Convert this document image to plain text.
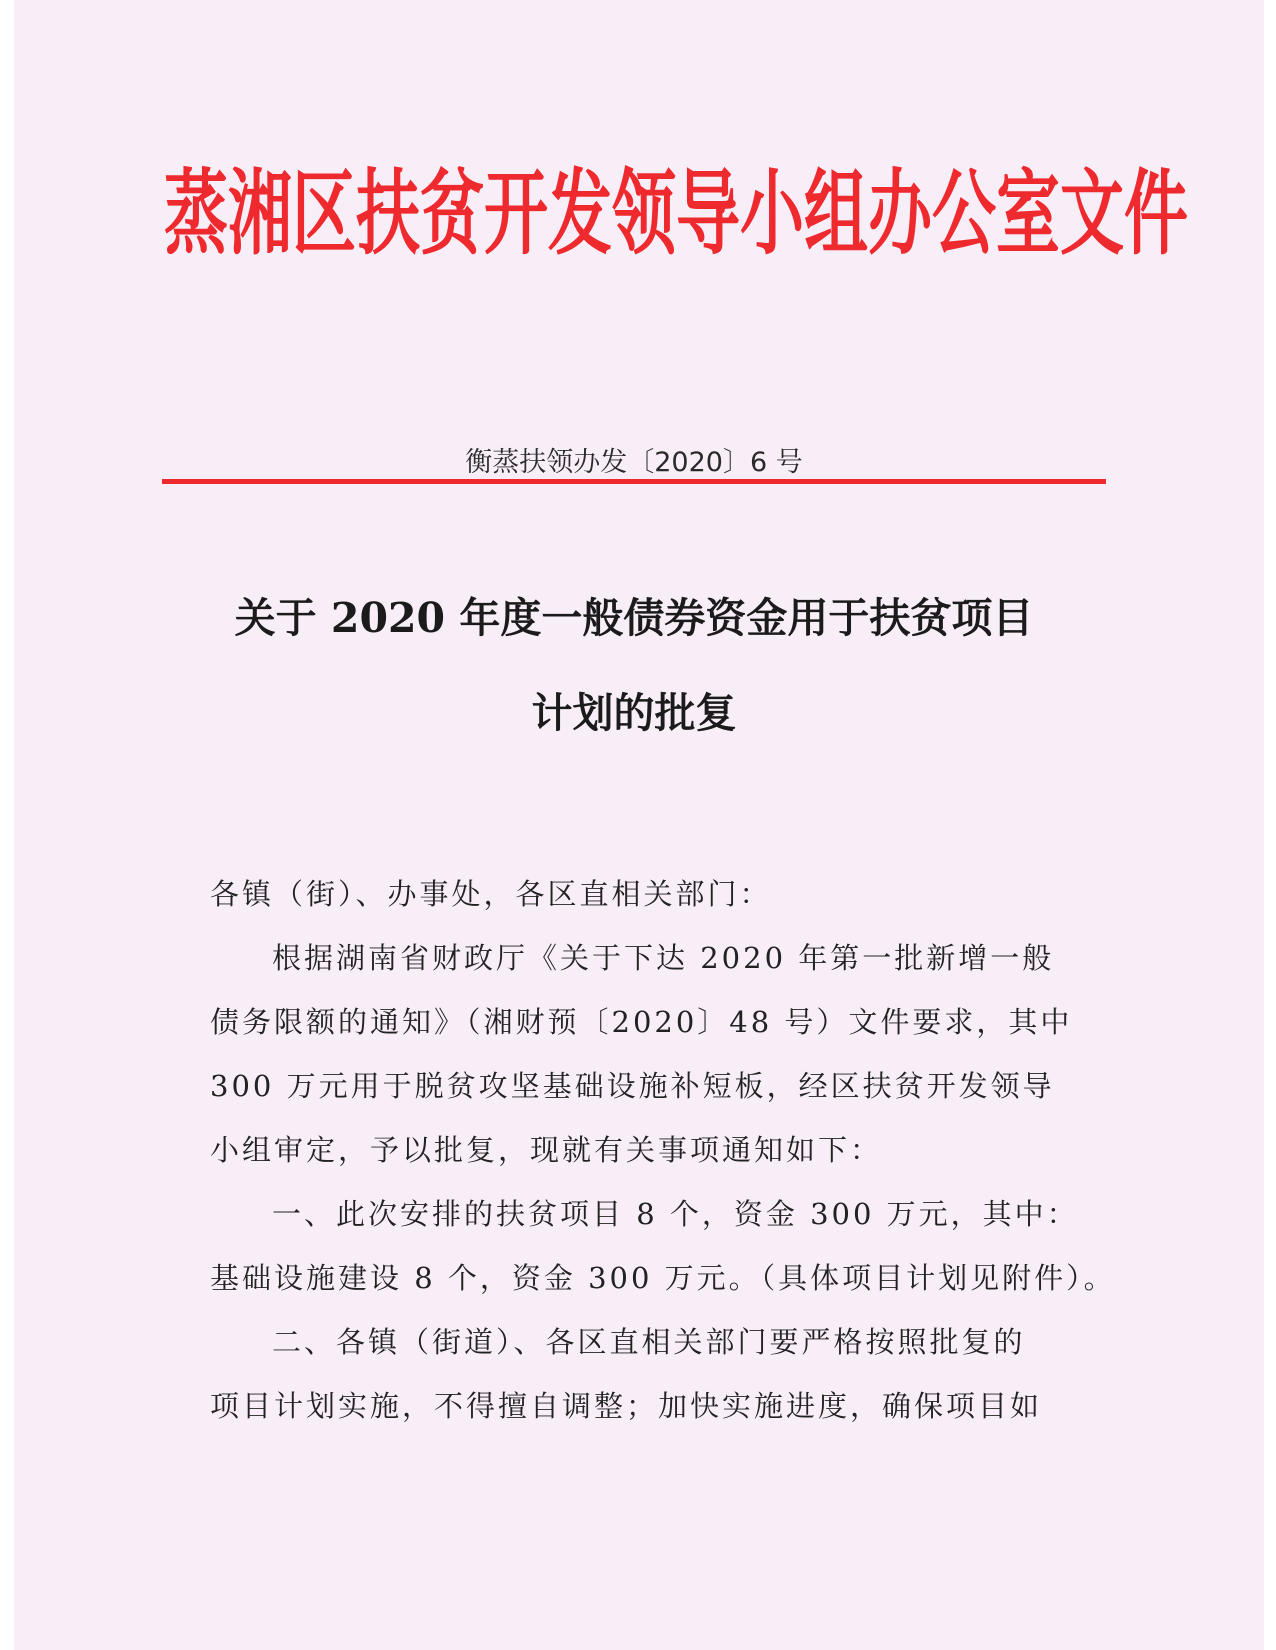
蒸湘区扶贫开发领导小组办公室文件
衡蒸扶领办发〔2020〕6 号
关于 2020 年度一般债券资金用于扶贫项目
计划的批复
各镇（街）、办事处，各区直相关部门：
根据湖南省财政厅《关于下达 2020 年第一批新增一般
债务限额的通知》（湘财预〔2020〕48 号）文件要求，其中
300 万元用于脱贫攻坚基础设施补短板，经区扶贫开发领导
小组审定，予以批复，现就有关事项通知如下：
一、此次安排的扶贫项目 8 个，资金 300 万元，其中：
基础设施建设 8 个，资金 300 万元。（具体项目计划见附件）。
二、各镇（街道）、各区直相关部门要严格按照批复的
项目计划实施，不得擅自调整；加快实施进度，确保项目如
